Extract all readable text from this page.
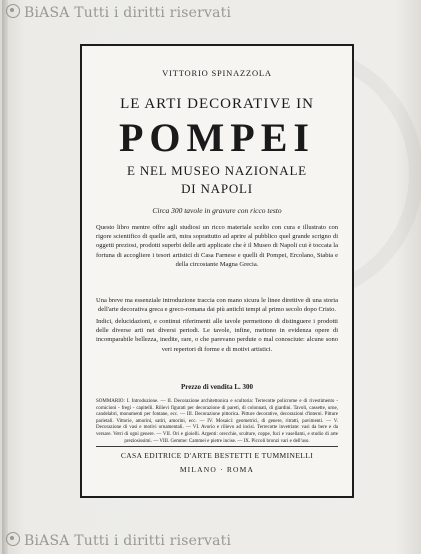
BiASA Tutti i diritti riservati
VITTORIO SPINAZZOLA
LE ARTI DECORATIVE IN
POMPEI
E NEL MUSEO NAZIONALE
DI NAPOLI
Circa 300 tavole in gravure con ricco testo
Questo libro mentre offre agli studiosi un ricco materiale scelto con cura e illustrato con rigore scientifico di quelle arti, mira soprattutto ad aprire al pubblico quel grande scrigno di oggetti preziosi, prodotti superbi delle arti applicate che è il Museo di Napoli cui è toccata la fortuna di accogliere i tesori artistici di Casa Farnese e quelli di Pompei, Ercolano, Stabia e della circostante Magna Grecia.
Una breve ma essenziale introduzione traccia con mano sicura le linee direttive di una storia dell'arte decorativa greca e greco-romana dai più antichi tempi al primo secolo dopo Cristo.
Indici, delucidazioni, e continui riferimenti alle tavole permettono di distinguere i prodotti delle diverse arti nei diversi periodi. Le tavole, infine, mettono in evidenza opere di incomparabile bellezza, inedite, rare, o che parevano perdute o mal conosciute: alcune sono veri repertori di forme e di motivi artistici.
Prezzo di vendita L. 300
SOMMARIO: I. Introduzione. — II. Decorazione architettonica e scultoria: Terrecotte policrome e di rivestimento - cornicioni - fregi - capitelli. Rilievi figurati per decorazione di pareti, di colonnati, di giardini. Tavoli, cassette, urne, candelabri, monumenti per fontane, ecc. — III. Decorazione pittorica. Pitture decorative, decorazioni d'interni. Pitture parietali. Vittorie, amorini, satiri, amorini, ecc. — IV. Mosaici: geometrici, di genere, ritratti, pavimenti. — V. Decorazione di vasi e motivi ornamentali. — VI. Avorio e rilievo ad incisi. Terrecotte invetriate: vasi da bere e da versare. Vetri di ogni genere. — VII. Ori e gioielli. Argenti: orecchie, sculture, coppe, fuci e vasellami, e studio di arte preziosissimi. — VIII. Gemme: Cammei e pietre incise. — IX. Piccoli bronzi vari e dell'uso.
CASA EDITRICE D'ARTE BESTETTI E TUMMINELLI
MILANO · ROMA
BiASA Tutti i diritti riservati
